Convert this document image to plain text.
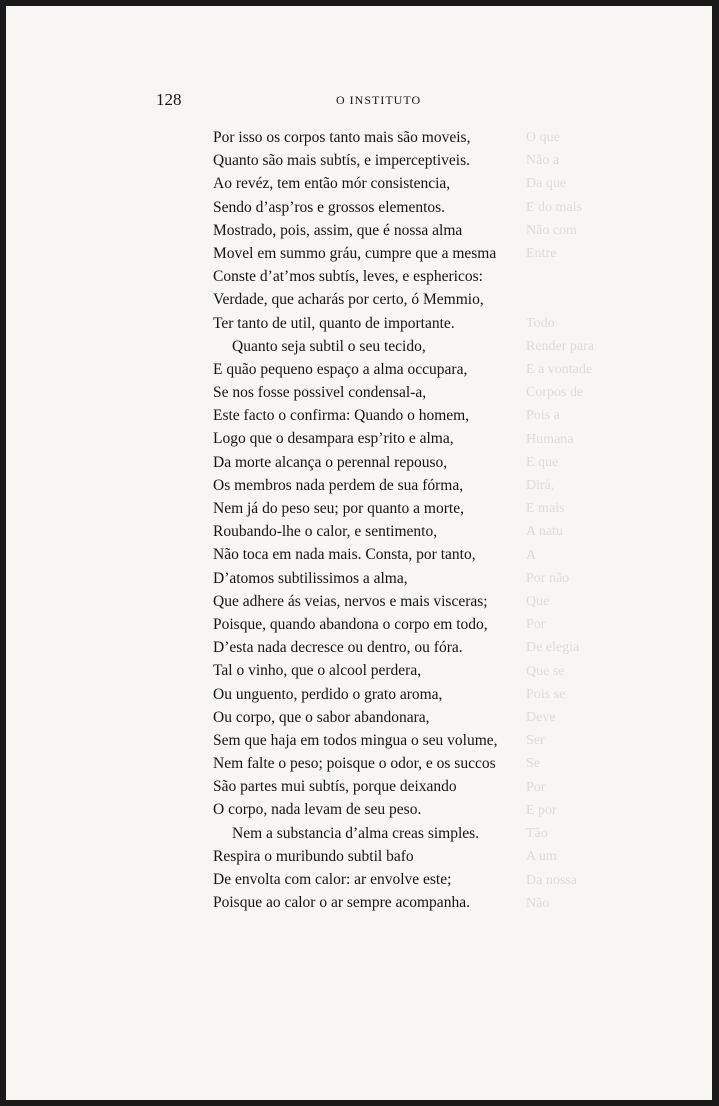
O que
Não a
Da que
E do mais
Não com
Entre

Todo
Render para
E a vontade
Corpos de
Pois a
Humana
E que
Dirá,
E mais
A natu
A
Por não
Que
Por
De elegia
Que se
Pois se
Deve
Ser
Se
Por
E por
Tão
A um
Da nossa
Não
128	O INSTITUTO
Por isso os corpos tanto mais são moveis,
Quanto são mais subtís, e imperceptiveis.
Ao revéz, tem então mór consistencia,
Sendo d’asp’ros e grossos elementos.
Mostrado, pois, assim, que é nossa alma
Movel em summo gráu, cumpre que a mesma
Conste d’at’mos subtís, leves, e esphericos:
Verdade, que acharás por certo, ó Memmio,
Ter tanto de util, quanto de importante.
Quanto seja subtil o seu tecido,
E quão pequeno espaço a alma occupara,
Se nos fosse possivel condensal-a,
Este facto o confirma: Quando o homem,
Logo que o desampara esp’rito e alma,
Da morte alcança o perennal repouso,
Os membros nada perdem de sua fórma,
Nem já do peso seu; por quanto a morte,
Roubando-lhe o calor, e sentimento,
Não toca em nada mais. Consta, por tanto,
D’atomos subtilissimos a alma,
Que adhere ás veias, nervos e mais visceras;
Poisque, quando abandona o corpo em todo,
D’esta nada decresce ou dentro, ou fóra.
Tal o vinho, que o alcool perdera,
Ou unguento, perdido o grato aroma,
Ou corpo, que o sabor abandonara,
Sem que haja em todos mingua o seu volume,
Nem falte o peso; poisque o odor, e os succos
São partes mui subtís, porque deixando
O corpo, nada levam de seu peso.
Nem a substancia d’alma creas simples.
Respira o muribundo subtil bafo
De envolta com calor: ar envolve este;
Poisque ao calor o ar sempre acompanha.
